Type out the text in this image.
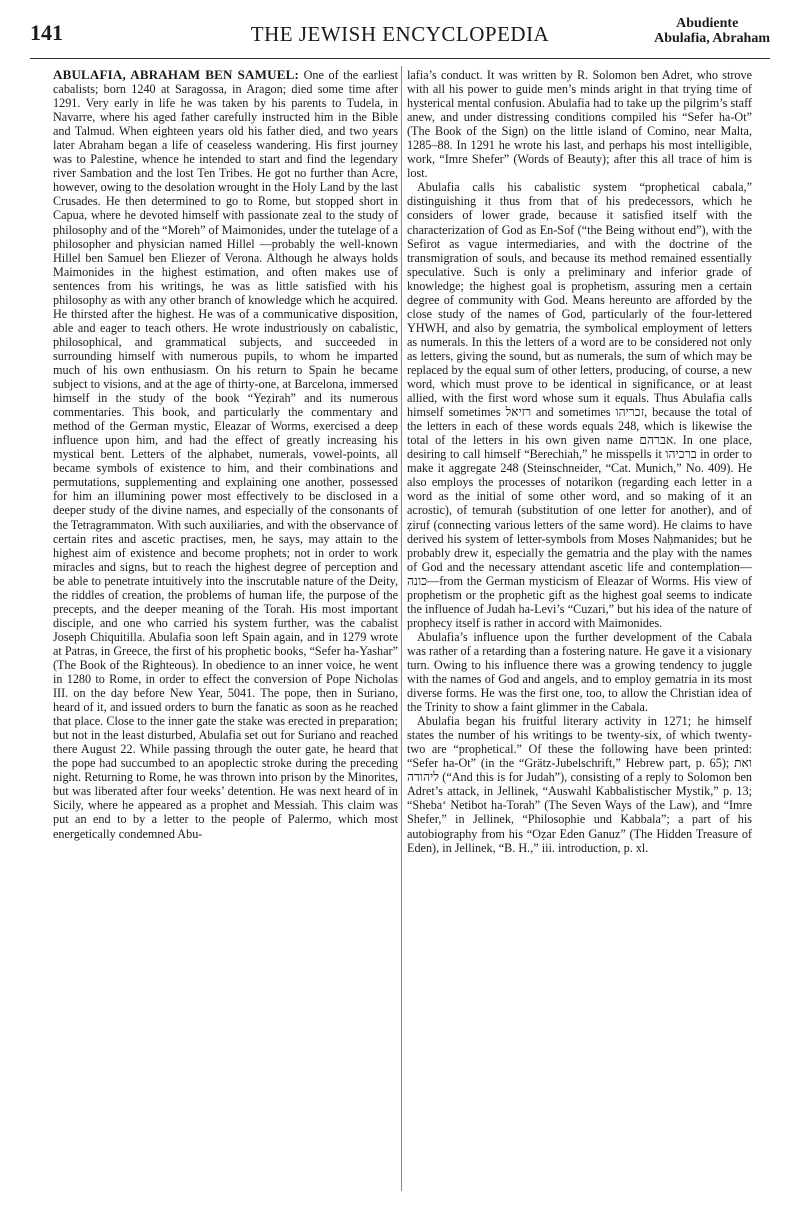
141	THE JEWISH ENCYCLOPEDIA	Abudiente
Abulafia, Abraham

ABULAFIA, ABRAHAM BEN SAMUEL: One of the earliest cabalists; born 1240 at Saragossa, in Aragon; died some time after 1291. Very early in life he was taken by his parents to Tudela, in Navarre, where his aged father carefully instructed him in the Bible and Talmud. When eighteen years old his father died, and two years later Abraham began a life of ceaseless wandering. His first journey was to Palestine, whence he intended to start and find the legendary river Sambation and the lost Ten Tribes. He got no further than Acre, however, owing to the desolation wrought in the Holy Land by the last Crusades. He then determined to go to Rome, but stopped short in Capua, where he devoted himself with passionate zeal to the study of philosophy and of the “Moreh” of Maimonides, under the tutelage of a philosopher and physician named Hillel —probably the well-known Hillel ben Samuel ben Eliezer of Verona. Although he always holds Maimonides in the highest estimation, and often makes use of sentences from his writings, he was as little satisfied with his philosophy as with any other branch of knowledge which he acquired. He thirsted after the highest. He was of a communicative disposition, able and eager to teach others. He wrote industriously on cabalistic, philosophical, and grammatical subjects, and succeeded in surrounding himself with numerous pupils, to whom he imparted much of his own enthusiasm. On his return to Spain he became subject to visions, and at the age of thirty-one, at Barcelona, immersed himself in the study of the book “Yeẓirah” and its numerous commentaries. This book, and particularly the commentary and method of the German mystic, Eleazar of Worms, exercised a deep influence upon him, and had the effect of greatly increasing his mystical bent. Letters of the alphabet, numerals, vowel-points, all became symbols of existence to him, and their combinations and permutations, supplementing and explaining one another, possessed for him an illumining power most effectively to be disclosed in a deeper study of the divine names, and especially of the consonants of the Tetragrammaton. With such auxiliaries, and with the observance of certain rites and ascetic practises, men, he says, may attain to the highest aim of existence and become prophets; not in order to work miracles and signs, but to reach the highest degree of perception and be able to penetrate intuitively into the inscrutable nature of the Deity, the riddles of creation, the problems of human life, the purpose of the precepts, and the deeper meaning of the Torah. His most important disciple, and one who carried his system further, was the cabalist Joseph Chiquitilla. Abulafia soon left Spain again, and in 1279 wrote at Patras, in Greece, the first of his prophetic books, “Sefer ha-Yashar” (The Book of the Righteous). In obedience to an inner voice, he went in 1280 to Rome, in order to effect the conversion of Pope Nicholas III. on the day before New Year, 5041. The pope, then in Suriano, heard of it, and issued orders to burn the fanatic as soon as he reached that place. Close to the inner gate the stake was erected in preparation; but not in the least disturbed, Abulafia set out for Suriano and reached there August 22. While passing through the outer gate, he heard that the pope had succumbed to an apoplectic stroke during the preceding night. Returning to Rome, he was thrown into prison by the Minorites, but was liberated after four weeks’ detention. He was next heard of in Sicily, where he appeared as a prophet and Messiah. This claim was put an end to by a letter to the people of Palermo, which most energetically condemned Abu-

lafia’s conduct. It was written by R. Solomon ben Adret, who strove with all his power to guide men’s minds aright in that trying time of hysterical mental confusion. Abulafia had to take up the pilgrim’s staff anew, and under distressing conditions compiled his “Sefer ha-Ot” (The Book of the Sign) on the little island of Comino, near Malta, 1285–88. In 1291 he wrote his last, and perhaps his most intelligible, work, “Imre Shefer” (Words of Beauty); after this all trace of him is lost.

Abulafia calls his cabalistic system “prophetical cabala,” distinguishing it thus from that of his predecessors, which he considers of lower grade, because it satisfied itself with the characterization of God as En-Sof (“the Being without end”), with the Sefirot as vague intermediaries, and with the doctrine of the transmigration of souls, and because its method remained essentially speculative. Such is only a preliminary and inferior grade of knowledge; the highest goal is prophetism, assuring men a certain degree of community with God. Means hereunto are afforded by the close study of the names of God, particularly of the four-lettered YHWH, and also by gematria, the symbolical employment of letters as numerals. In this the letters of a word are to be considered not only as letters, giving the sound, but as numerals, the sum of which may be replaced by the equal sum of other letters, producing, of course, a new word, which must prove to be identical in significance, or at least allied, with the first word whose sum it equals. Thus Abulafia calls himself sometimes רזיאל and sometimes זכריהו, because the total of the letters in each of these words equals 248, which is likewise the total of the letters in his own given name אברהם. In one place, desiring to call himself “Berechiah,” he misspells it ברכיהו in order to make it aggregate 248 (Steinschneider, “Cat. Munich,” No. 409). He also employs the processes of notarikon (regarding each letter in a word as the initial of some other word, and so making of it an acrostic), of temurah (substitution of one letter for another), and of ẓiruf (connecting various letters of the same word). He claims to have derived his system of letter-symbols from Moses Naḥmanides; but he probably drew it, especially the gematria and the play with the names of God and the necessary attendant ascetic life and contemplation—כונה—from the German mysticism of Eleazar of Worms. His view of prophetism or the prophetic gift as the highest goal seems to indicate the influence of Judah ha-Levi’s “Cuzari,” but his idea of the nature of prophecy itself is rather in accord with Maimonides.

Abulafia’s influence upon the further development of the Cabala was rather of a retarding than a fostering nature. He gave it a visionary turn. Owing to his influence there was a growing tendency to juggle with the names of God and angels, and to employ gematria in its most diverse forms. He was the first one, too, to allow the Christian idea of the Trinity to show a faint glimmer in the Cabala.

Abulafia began his fruitful literary activity in 1271; he himself states the number of his writings to be twenty-six, of which twenty-two are “prophetical.” Of these the following have been printed: “Sefer ha-Ot” (in the “Grätz-Jubelschrift,” Hebrew part, p. 65); ואת ליהודה (“And this is for Judah”), consisting of a reply to Solomon ben Adret’s attack, in Jellinek, “Auswahl Kabbalistischer Mystik,” p. 13; “Sheba‘ Netibot ha-Torah” (The Seven Ways of the Law), and “Imre Shefer,” in Jellinek, “Philosophie und Kabbala”; a part of his autobiography from his “Oẓar Eden Ganuz” (The Hidden Treasure of Eden), in Jellinek, “B. H.,” iii. introduction, p. xl.
